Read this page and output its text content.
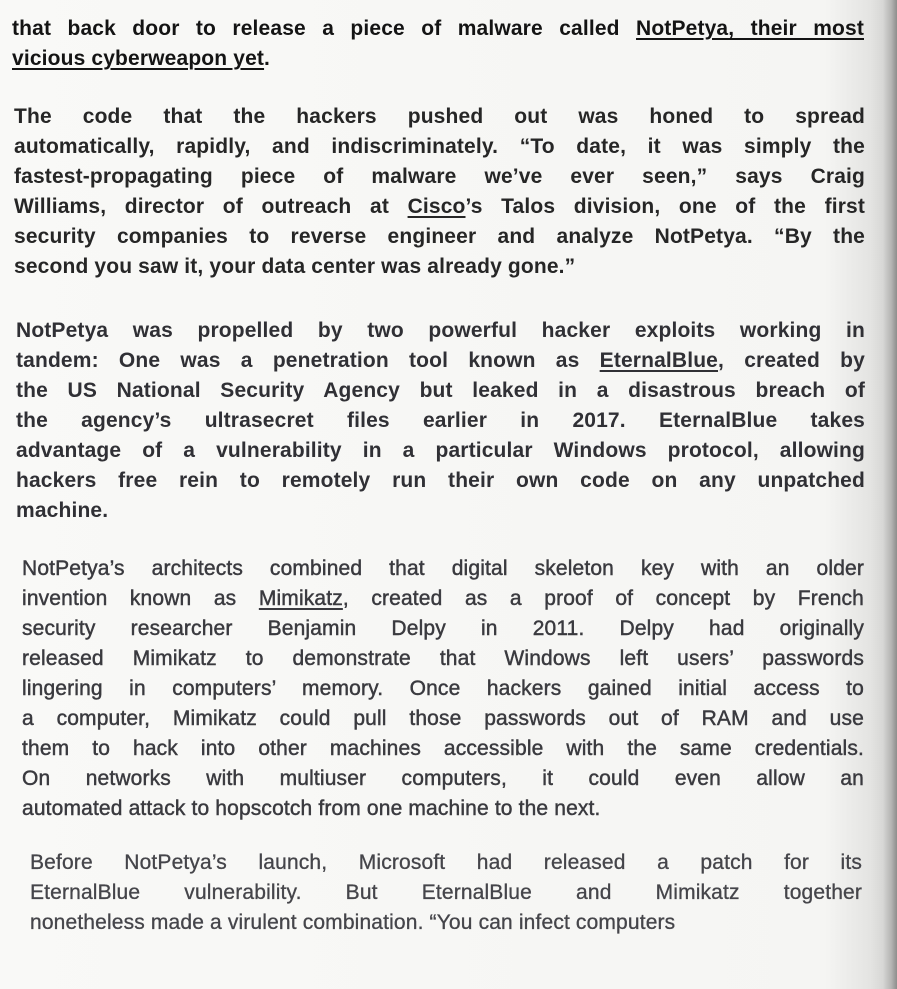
that back door to release a piece of malware called NotPetya, their most
vicious cyberweapon yet.
The code that the hackers pushed out was honed to spread
automatically, rapidly, and indiscriminately. “To date, it was simply the
fastest-propagating piece of malware we’ve ever seen,” says Craig
Williams, director of outreach at Cisco’s Talos division, one of the first
security companies to reverse engineer and analyze NotPetya. “By the
second you saw it, your data center was already gone.”
NotPetya was propelled by two powerful hacker exploits working in
tandem: One was a penetration tool known as EternalBlue, created by
the US National Security Agency but leaked in a disastrous breach of
the agency’s ultrasecret files earlier in 2017. EternalBlue takes
advantage of a vulnerability in a particular Windows protocol, allowing
hackers free rein to remotely run their own code on any unpatched
machine.
NotPetya’s architects combined that digital skeleton key with an older
invention known as Mimikatz, created as a proof of concept by French
security researcher Benjamin Delpy in 2011. Delpy had originally
released Mimikatz to demonstrate that Windows left users’ passwords
lingering in computers’ memory. Once hackers gained initial access to
a computer, Mimikatz could pull those passwords out of RAM and use
them to hack into other machines accessible with the same credentials.
On networks with multiuser computers, it could even allow an
automated attack to hopscotch from one machine to the next.
Before NotPetya’s launch, Microsoft had released a patch for its
EternalBlue vulnerability. But EternalBlue and Mimikatz together
nonetheless made a virulent combination. “You can infect computers
